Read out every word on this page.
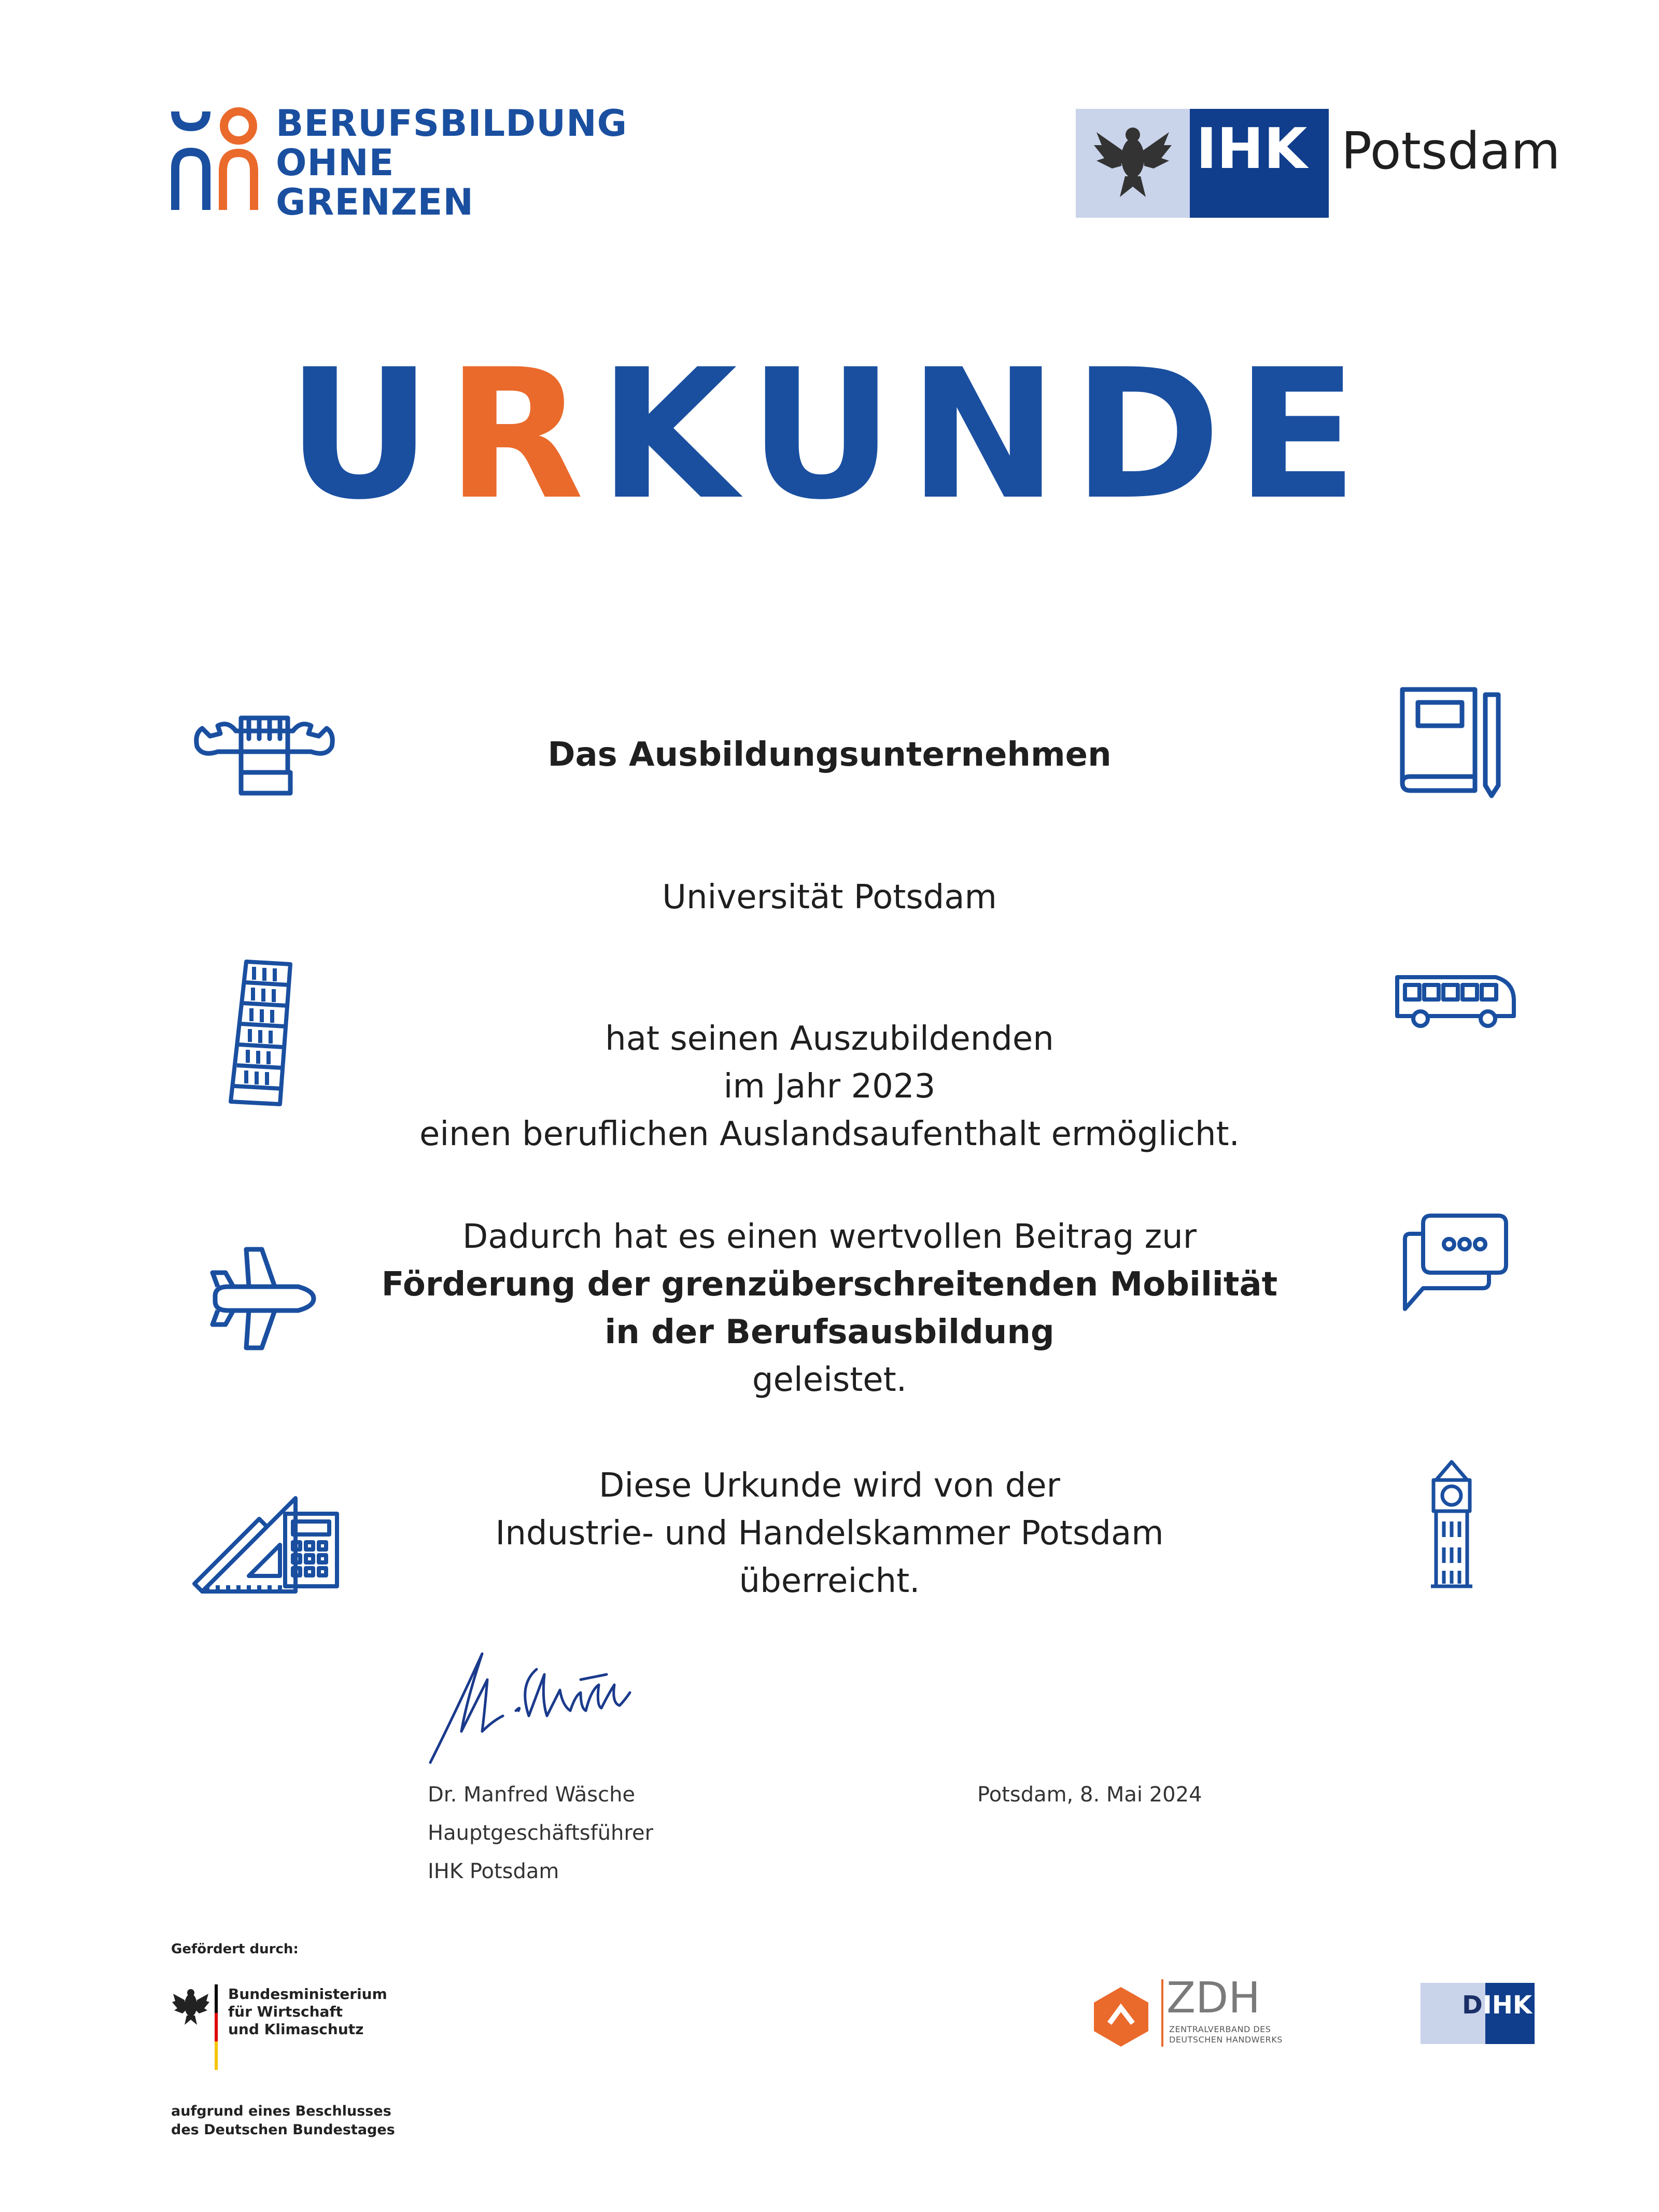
BERUFSBILDUNG
OHNE
GRENZEN
IHK Potsdam
URKUNDE
Das Ausbildungsunternehmen
Universität Potsdam
hat seinen Auszubildenden
im Jahr 2023
einen beruflichen Auslandsaufenthalt ermöglicht.
Dadurch hat es einen wertvollen Beitrag zur
Förderung der grenzüberschreitenden Mobilität
in der Berufsausbildung
geleistet.
Diese Urkunde wird von der
Industrie- und Handelskammer Potsdam
überreicht.
Dr. Manfred Wäsche
Hauptgeschäftsführer
IHK Potsdam
Potsdam, 8. Mai 2024
Gefördert durch:
Bundesministerium
für Wirtschaft
und Klimaschutz
aufgrund eines Beschlusses
des Deutschen Bundestages
ZDH
ZENTRALVERBAND DES
DEUTSCHEN HANDWERKS
DIHK
